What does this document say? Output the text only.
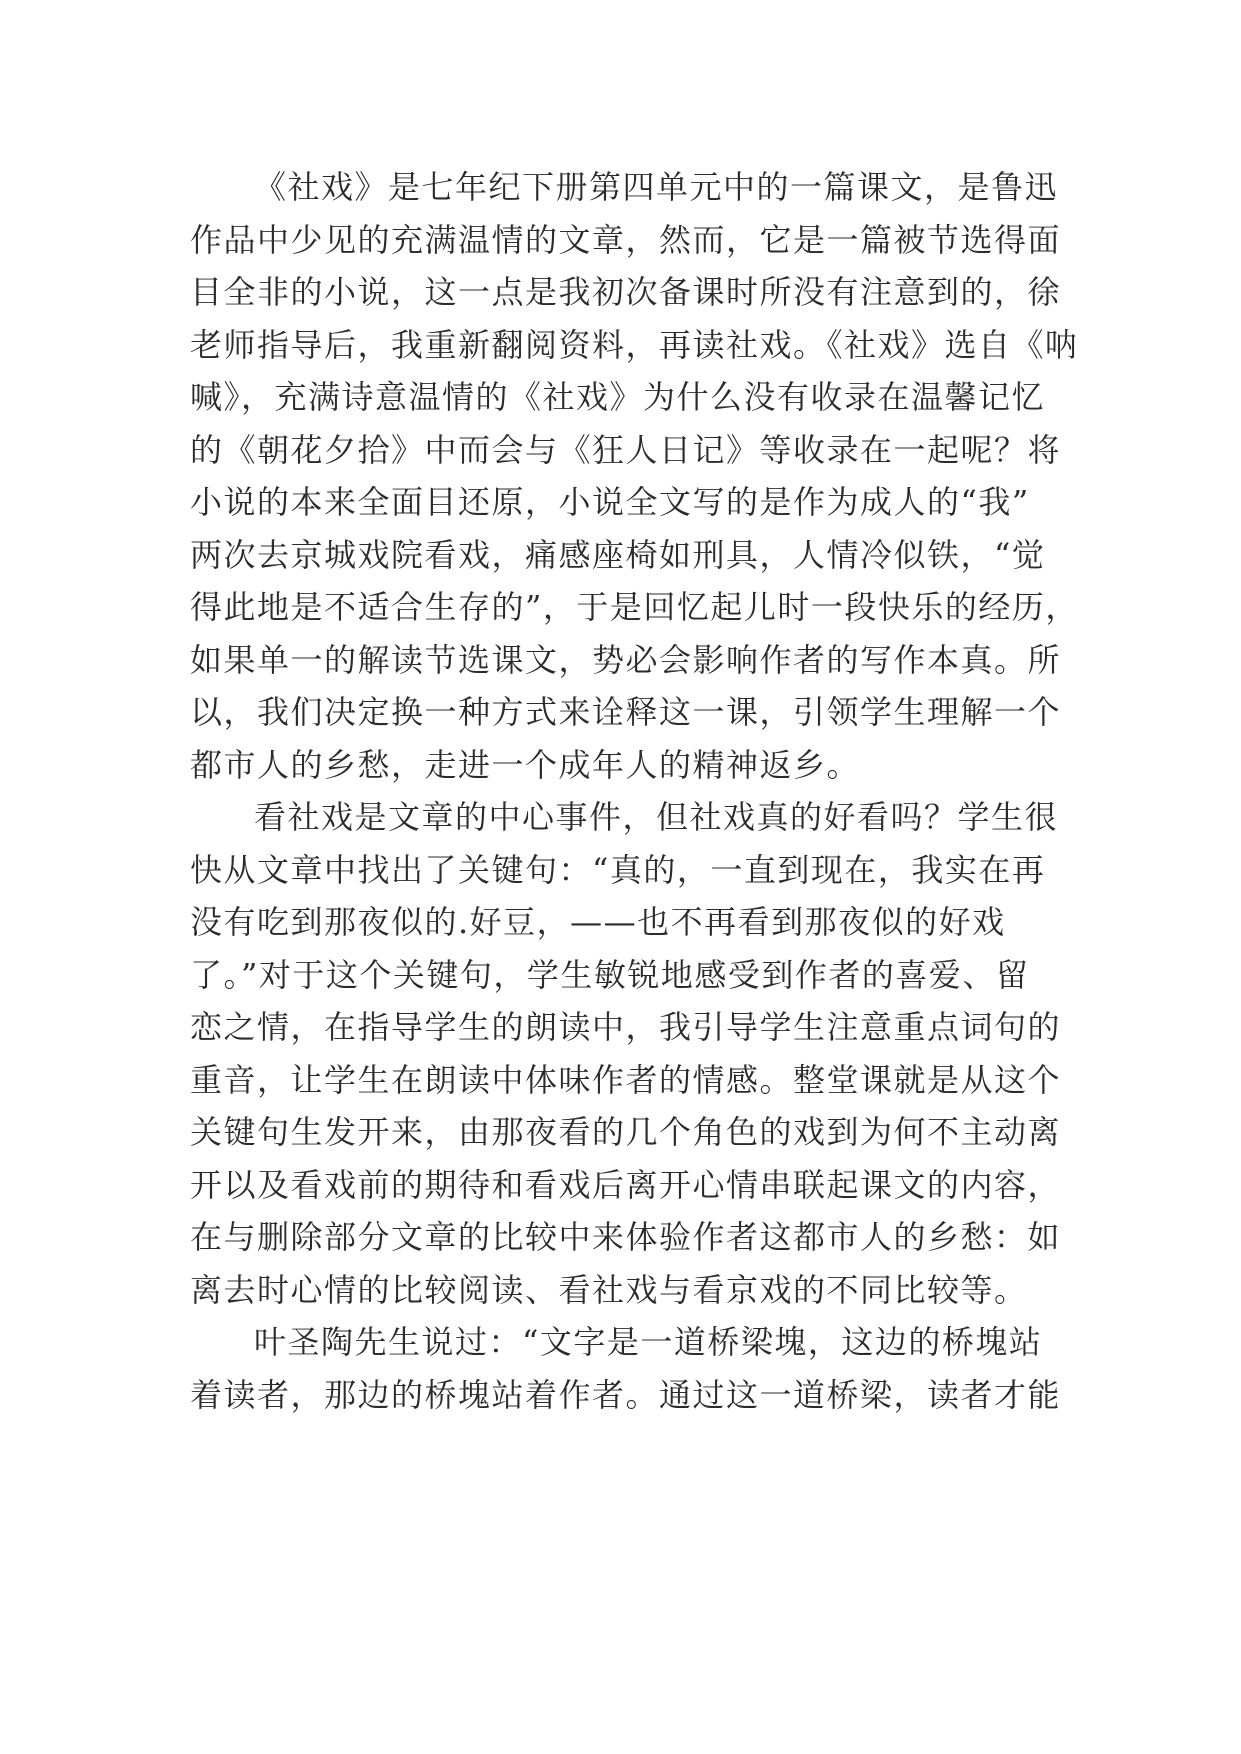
《社戏》是七年纪下册第四单元中的一篇课文，是鲁迅
作品中少见的充满温情的文章，然而，它是一篇被节选得面
目全非的小说，这一点是我初次备课时所没有注意到的，徐
老师指导后，我重新翻阅资料，再读社戏。《社戏》选自《呐
喊》，充满诗意温情的《社戏》为什么没有收录在温馨记忆
的《朝花夕拾》中而会与《狂人日记》等收录在一起呢？将
小说的本来全面目还原，小说全文写的是作为成人的“我”
两次去京城戏院看戏，痛感座椅如刑具，人情冷似铁，“觉
得此地是不适合生存的”，于是回忆起儿时一段快乐的经历，
如果单一的解读节选课文，势必会影响作者的写作本真。所
以，我们决定换一种方式来诠释这一课，引领学生理解一个
都市人的乡愁，走进一个成年人的精神返乡。
看社戏是文章的中心事件，但社戏真的好看吗？学生很
快从文章中找出了关键句：“真的，一直到现在，我实在再
没有吃到那夜似的.好豆，——也不再看到那夜似的好戏
了。”对于这个关键句，学生敏锐地感受到作者的喜爱、留
恋之情，在指导学生的朗读中，我引导学生注意重点词句的
重音，让学生在朗读中体味作者的情感。整堂课就是从这个
关键句生发开来，由那夜看的几个角色的戏到为何不主动离
开以及看戏前的期待和看戏后离开心情串联起课文的内容，
在与删除部分文章的比较中来体验作者这都市人的乡愁：如
离去时心情的比较阅读、看社戏与看京戏的不同比较等。
叶圣陶先生说过：“文字是一道桥梁塊，这边的桥塊站
着读者，那边的桥塊站着作者。通过这一道桥梁，读者才能
